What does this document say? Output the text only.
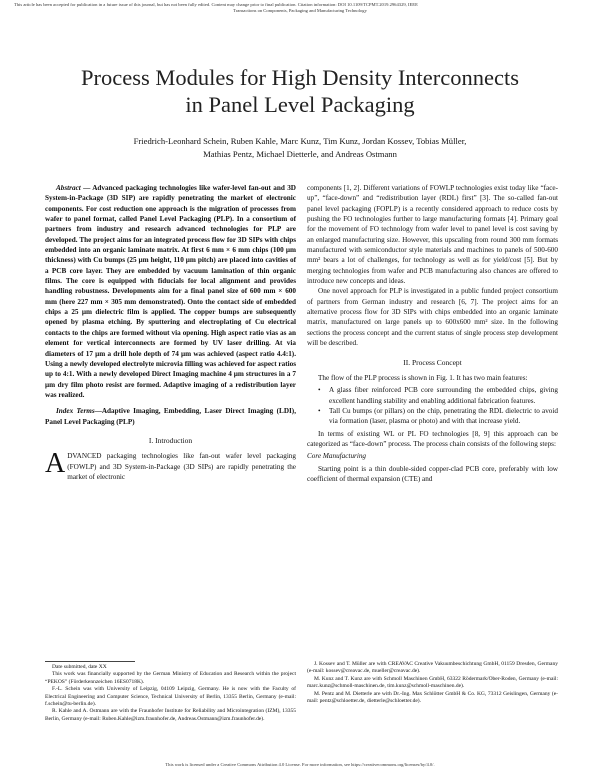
This article has been accepted for publication in a future issue of this journal, but has not been fully edited. Content may change prior to final publication. Citation information: DOI 10.1109/TCPMT.2019.2964329, IEEE
Transactions on Components, Packaging and Manufacturing Technology
Process Modules for High Density Interconnects
in Panel Level Packaging
Friedrich-Leonhard Schein, Ruben Kahle, Marc Kunz, Tim Kunz, Jordan Kossev, Tobias Müller,
Mathias Pentz, Michael Dietterle, and Andreas Ostmann

Abstract — Advanced packaging technologies like wafer-level fan-out and 3D System-in-Package (3D SIP) are rapidly penetrating the market of electronic components. For cost reduction one approach is the migration of processes from wafer to panel format, called Panel Level Packaging (PLP). In a consortium of partners from industry and research advanced technologies for PLP are developed. The project aims for an integrated process flow for 3D SIPs with chips embedded into an organic laminate matrix. At first 6 mm × 6 mm chips (100 µm thickness) with Cu bumps (25 µm height, 110 µm pitch) are placed into cavities of a PCB core layer. They are embedded by vacuum lamination of thin organic films. The core is equipped with fiducials for local alignment and provides handling robustness. Developments aim for a final panel size of 600 mm × 600 mm (here 227 mm × 305 mm demonstrated). Onto the contact side of embedded chips a 25 µm dielectric film is applied. The copper bumps are subsequently opened by plasma etching. By sputtering and electroplating of Cu electrical contacts to the chips are formed without via opening. High aspect ratio vias as an element for vertical interconnects are formed by UV laser drilling. At via diameters of 17 µm a drill hole depth of 74 µm was achieved (aspect ratio 4.4:1). Using a newly developed electrolyte microvia filling was achieved for aspect ratios up to 4:1. With a newly developed Direct Imaging machine 4 µm structures in a 7 µm dry film photo resist are formed. Adaptive imaging of a redistribution layer was realized.

Index Terms—Adaptive Imaging, Embedding, Laser Direct Imaging (LDI), Panel Level Packaging (PLP)

I. Introduction

ADVANCED packaging technologies like fan-out wafer level packaging (FOWLP) and 3D System-in-Package (3D SIPs) are rapidly penetrating the market of electronic

components [1, 2]. Different variations of FOWLP technologies exist today like “face-up”, “face-down” and “redistribution layer (RDL) first” [3]. The so-called fan-out panel level packaging (FOPLP) is a recently considered approach to reduce costs by pushing the FO technologies further to large manufacturing formats [4]. Primary goal for the movement of FO technology from wafer level to panel level is cost saving by an enlarged manufacturing size. However, this upscaling from round 300 mm formats manufactured with semiconductor style materials and machines to panels of 500-600 mm² bears a lot of challenges, for technology as well as for yield/cost [5]. But by merging technologies from wafer and PCB manufacturing also chances are offered to introduce new concepts and ideas.

One novel approach for PLP is investigated in a public funded project consortium of partners from German industry and research [6, 7]. The project aims for an alternative process flow for 3D SIPs with chips embedded into an organic laminate matrix, manufactured on large panels up to 600x600 mm² size. In the following sections the process concept and the current status of single process step development will be described.

II. Process Concept

The flow of the PLP process is shown in Fig. 1. It has two main features:

• A glass fiber reinforced PCB core surrounding the embedded chips, giving excellent handling stability and enabling additional fabrication features.
• Tall Cu bumps (or pillars) on the chip, penetrating the RDL dielectric to avoid via formation (laser, plasma or photo) and with that increase yield.

In terms of existing WL or PL FO technologies [8, 9] this approach can be categorized as “face-down” process. The process chain consists of the following steps:

Core Manufacturing

Starting point is a thin double-sided copper-clad PCB core, preferably with low coefficient of thermal expansion (CTE) and

Date submitted, date XX

This work was financially supported by the German Ministry of Education and Research within the project “PEKOS” (Förderkennzeichen 16ES0718K).

F.-L. Schein was with University of Leipzig, 04109 Leipzig, Germany. He is now with the Faculty of Electrical Engineering and Computer Science, Technical University of Berlin, 13355 Berlin, Germany (e-mail: f.schein@tu-berlin.de).

R. Kahle and A. Ostmann are with the Fraunhofer Institute for Reliability and Microintegration (IZM), 13355 Berlin, Germany (e-mail: Ruben.Kahle@izm.fraunhofer.de, Andreas.Ostmann@izm.fraunhofer.de).

J. Kossev and T. Müller are with CREAVAC Creative Vakuumbeschichtung GmbH, 01159 Dresden, Germany (e-mail: kossev@creavac.de, mueller@creavac.de).

M. Kunz and T. Kunz are with Schmoll Maschinen GmbH, 63322 Rödermark/Ober-Roden, Germany (e-mail: marc.kunz@schmoll-maschinen.de, tim.kunz@schmoll-maschinen.de).

M. Pentz and M. Dietterle are with Dr.-Ing. Max Schlötter GmbH & Co. KG, 73312 Geislingen, Germany (e-mail: pentz@schloetter.de, dietterle@schloetter.de).

This work is licensed under a Creative Commons Attribution 4.0 License. For more information, see https://creativecommons.org/licenses/by/4.0/.
